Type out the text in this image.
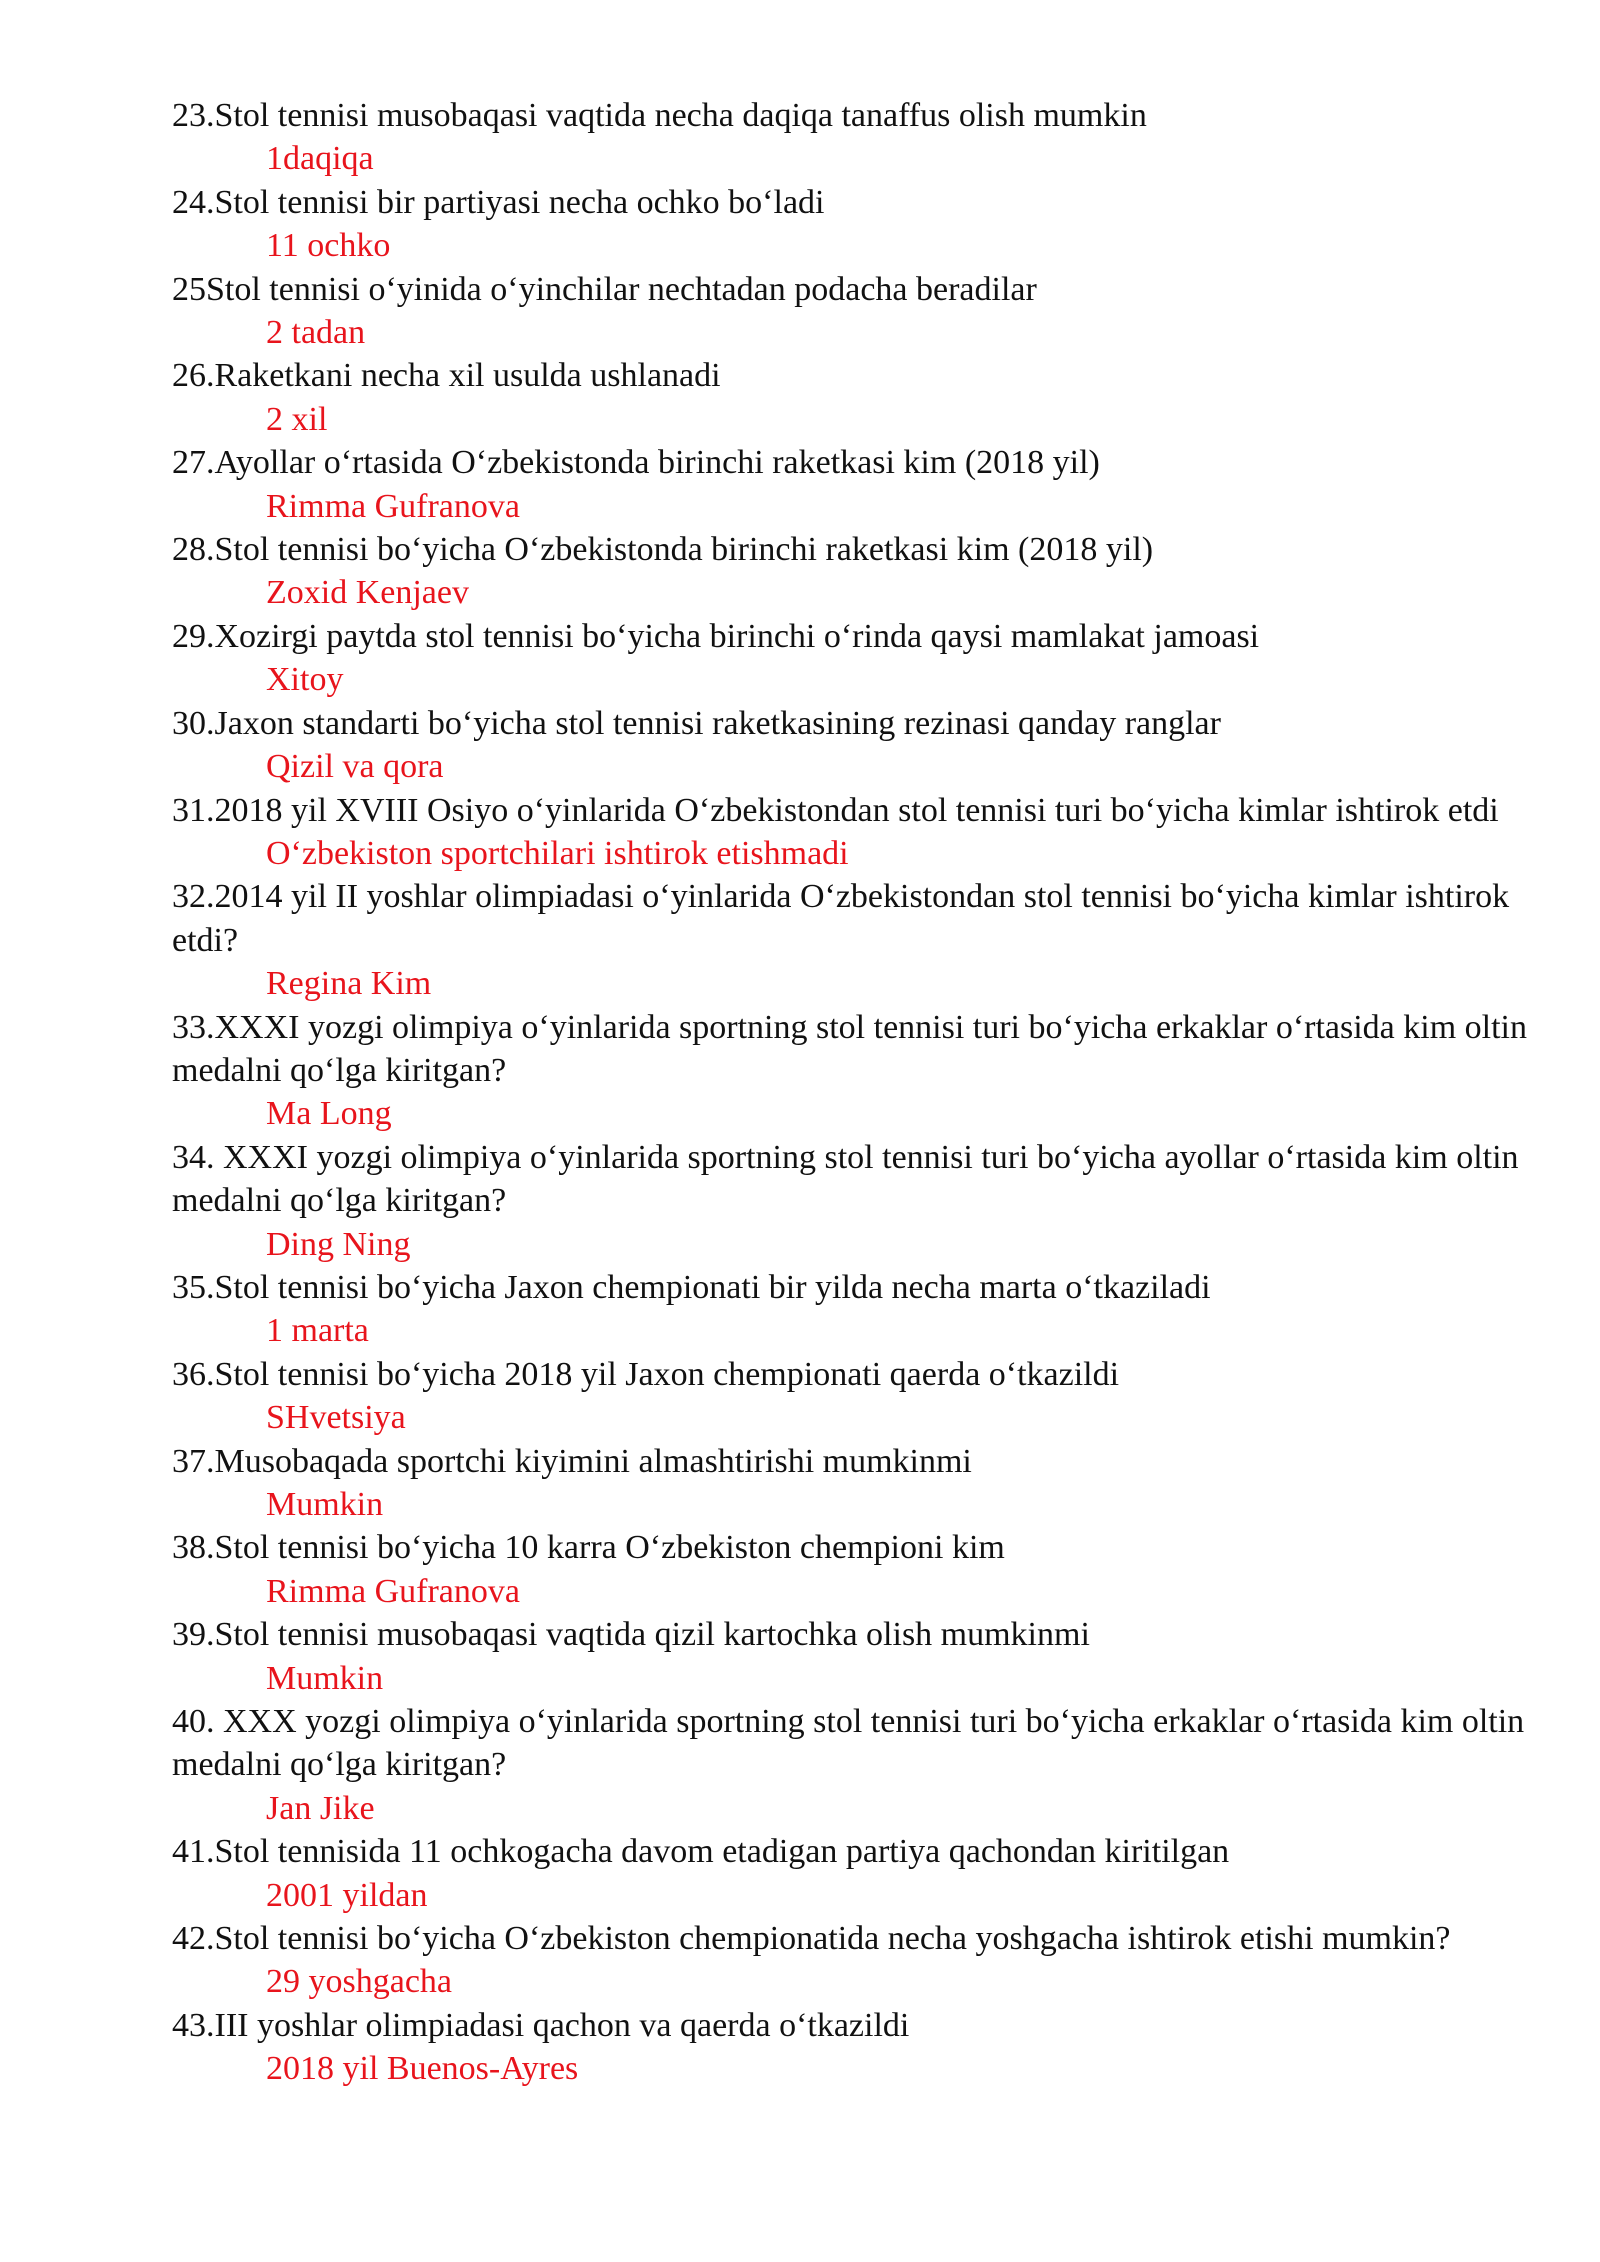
23.Stol tennisi musobaqasi vaqtida necha daqiqa tanaffus olish mumkin

1daqiqa

24.Stol tennisi bir partiyasi necha ochko bo‘ladi

11 ochko

25Stol tennisi o‘yinida o‘yinchilar nechtadan podacha beradilar

2 tadan

26.Raketkani necha xil usulda ushlanadi

2 xil

27.Ayollar o‘rtasida O‘zbekistonda birinchi raketkasi kim (2018 yil)

Rimma Gufranova

28.Stol tennisi bo‘yicha O‘zbekistonda birinchi raketkasi kim (2018 yil)

Zoxid Kenjaev

29.Xozirgi paytda stol tennisi bo‘yicha birinchi o‘rinda qaysi mamlakat jamoasi

Xitoy

30.Jaxon standarti bo‘yicha stol tennisi raketkasining rezinasi qanday ranglar

Qizil va qora

31.2018 yil XVIII Osiyo o‘yinlarida O‘zbekistondan stol tennisi turi bo‘yicha kimlar ishtirok etdi

O‘zbekiston sportchilari ishtirok etishmadi

32.2014 yil II yoshlar olimpiadasi o‘yinlarida O‘zbekistondan stol tennisi bo‘yicha kimlar ishtirok etdi?

Regina Kim

33.XXXI yozgi olimpiya o‘yinlarida sportning stol tennisi turi bo‘yicha erkaklar o‘rtasida kim oltin medalni qo‘lga kiritgan?

Ma Long

34. XXXI yozgi olimpiya o‘yinlarida sportning stol tennisi turi bo‘yicha ayollar o‘rtasida kim oltin medalni qo‘lga kiritgan?

Ding Ning

35.Stol tennisi bo‘yicha Jaxon chempionati bir yilda necha marta o‘tkaziladi

1 marta

36.Stol tennisi bo‘yicha 2018 yil Jaxon chempionati qaerda o‘tkazildi

SHvetsiya

37.Musobaqada sportchi kiyimini almashtirishi mumkinmi

Mumkin

38.Stol tennisi bo‘yicha 10 karra O‘zbekiston chempioni kim

Rimma Gufranova

39.Stol tennisi musobaqasi vaqtida qizil kartochka olish mumkinmi

Mumkin

40. XXX yozgi olimpiya o‘yinlarida sportning stol tennisi turi bo‘yicha erkaklar o‘rtasida kim oltin medalni qo‘lga kiritgan?

Jan Jike

41.Stol tennisida 11 ochkogacha davom etadigan partiya qachondan kiritilgan

2001 yildan

42.Stol tennisi bo‘yicha O‘zbekiston chempionatida necha yoshgacha ishtirok etishi mumkin?

29 yoshgacha

43.III yoshlar olimpiadasi qachon va qaerda o‘tkazildi

2018 yil Buenos-Ayres
